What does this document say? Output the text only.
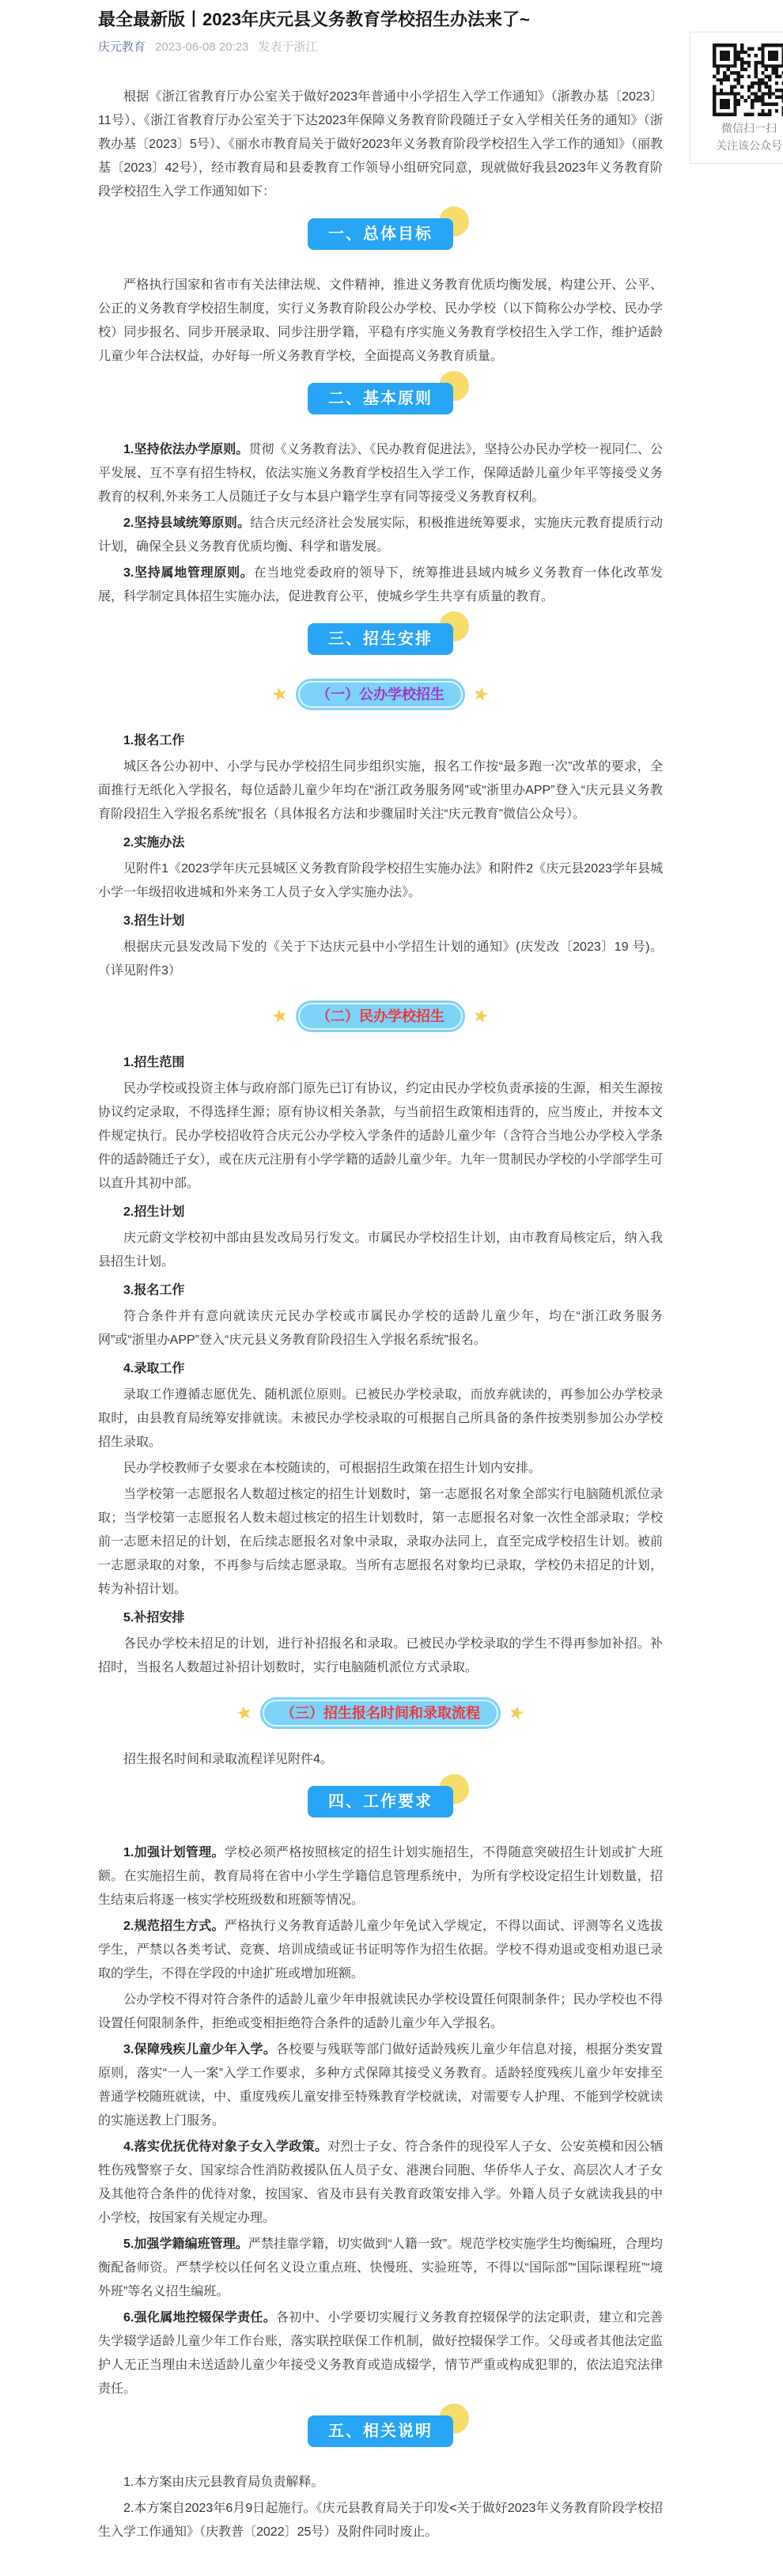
最全最新版丨2023年庆元县义务教育学校招生办法来了~
庆元教育 2023-06-08 20:23 发表于浙江
微信扫一扫
关注该公众号

根据《浙江省教育厅办公室关于做好2023年普通中小学招生入学工作通知》（浙教办基〔2023〕11号）、《浙江省教育厅办公室关于下达2023年保障义务教育阶段随迁子女入学相关任务的通知》（浙教办基〔2023〕5号）、《丽水市教育局关于做好2023年义务教育阶段学校招生入学工作的通知》（丽教基〔2023〕42号），经市教育局和县委教育工作领导小组研究同意，现就做好我县2023年义务教育阶段学校招生入学工作通知如下：

一、总体目标

严格执行国家和省市有关法律法规、文件精神，推进义务教育优质均衡发展，构建公开、公平、公正的义务教育学校招生制度，实行义务教育阶段公办学校、民办学校（以下简称公办学校、民办学校）同步报名、同步开展录取、同步注册学籍，平稳有序实施义务教育学校招生入学工作，维护适龄儿童少年合法权益，办好每一所义务教育学校，全面提高义务教育质量。

二、基本原则

1.坚持依法办学原则。贯彻《义务教育法》、《民办教育促进法》，坚持公办民办学校一视同仁、公平发展、互不享有招生特权，依法实施义务教育学校招生入学工作，保障适龄儿童少年平等接受义务教育的权利,外来务工人员随迁子女与本县户籍学生享有同等接受义务教育权利。

2.坚持县域统筹原则。结合庆元经济社会发展实际，积极推进统筹要求，实施庆元教育提质行动计划，确保全县义务教育优质均衡、科学和谐发展。

3.坚持属地管理原则。在当地党委政府的领导下，统筹推进县域内城乡义务教育一体化改革发展，科学制定具体招生实施办法，促进教育公平，使城乡学生共享有质量的教育。

三、招生安排
★	（一）公办学校招生	★

1.报名工作

城区各公办初中、小学与民办学校招生同步组织实施，报名工作按“最多跑一次”改革的要求，全面推行无纸化入学报名，每位适龄儿童少年均在“浙江政务服务网”或“浙里办APP”登入“庆元县义务教育阶段招生入学报名系统”报名（具体报名方法和步骤届时关注“庆元教育”微信公众号）。

2.实施办法

见附件1《2023学年庆元县城区义务教育阶段学校招生实施办法》和附件2《庆元县2023学年县城小学一年级招收进城和外来务工人员子女入学实施办法》。

3.招生计划

根据庆元县发改局下发的《关于下达庆元县中小学招生计划的通知》(庆发改〔2023〕19 号)。（详见附件3）

★	（二）民办学校招生	★

1.招生范围

民办学校或投资主体与政府部门原先已订有协议，约定由民办学校负责承接的生源，相关生源按协议约定录取，不得选择生源；原有协议相关条款，与当前招生政策相违背的，应当废止，并按本文件规定执行。民办学校招收符合庆元公办学校入学条件的适龄儿童少年（含符合当地公办学校入学条件的适龄随迁子女），或在庆元注册有小学学籍的适龄儿童少年。九年一贯制民办学校的小学部学生可以直升其初中部。

2.招生计划

庆元蔚文学校初中部由县发改局另行发文。市属民办学校招生计划，由市教育局核定后，纳入我县招生计划。

3.报名工作

符合条件并有意向就读庆元民办学校或市属民办学校的适龄儿童少年，均在“浙江政务服务网”或“浙里办APP”登入“庆元县义务教育阶段招生入学报名系统”报名。

4.录取工作

录取工作遵循志愿优先、随机派位原则。已被民办学校录取，而放弃就读的，再参加公办学校录取时，由县教育局统筹安排就读。未被民办学校录取的可根据自己所具备的条件按类别参加公办学校招生录取。

民办学校教师子女要求在本校随读的，可根据招生政策在招生计划内安排。

当学校第一志愿报名人数超过核定的招生计划数时，第一志愿报名对象全部实行电脑随机派位录取；当学校第一志愿报名人数未超过核定的招生计划数时，第一志愿报名对象一次性全部录取；学校前一志愿未招足的计划，在后续志愿报名对象中录取，录取办法同上，直至完成学校招生计划。被前一志愿录取的对象，不再参与后续志愿录取。当所有志愿报名对象均已录取，学校仍未招足的计划，转为补招计划。

5.补招安排

各民办学校未招足的计划，进行补招报名和录取。已被民办学校录取的学生不得再参加补招。补招时，当报名人数超过补招计划数时，实行电脑随机派位方式录取。

★	（三）招生报名时间和录取流程	★

招生报名时间和录取流程详见附件4。

四、工作要求

1.加强计划管理。学校必须严格按照核定的招生计划实施招生，不得随意突破招生计划或扩大班额。在实施招生前，教育局将在省中小学生学籍信息管理系统中，为所有学校设定招生计划数量，招生结束后将逐一核实学校班级数和班额等情况。

2.规范招生方式。严格执行义务教育适龄儿童少年免试入学规定，不得以面试、评测等名义选拔学生，严禁以各类考试、竞赛、培训成绩或证书证明等作为招生依据。学校不得劝退或变相劝退已录取的学生，不得在学段的中途扩班或增加班额。

公办学校不得对符合条件的适龄儿童少年申报就读民办学校设置任何限制条件；民办学校也不得设置任何限制条件，拒绝或变相拒绝符合条件的适龄儿童少年入学报名。

3.保障残疾儿童少年入学。各校要与残联等部门做好适龄残疾儿童少年信息对接，根据分类安置原则，落实“一人一案”入学工作要求，多种方式保障其接受义务教育。适龄轻度残疾儿童少年安排至普通学校随班就读，中、重度残疾儿童安排至特殊教育学校就读，对需要专人护理、不能到学校就读的实施送教上门服务。

4.落实优抚优待对象子女入学政策。对烈士子女、符合条件的现役军人子女、公安英模和因公牺牲伤残警察子女、国家综合性消防救援队伍人员子女、港澳台同胞、华侨华人子女、高层次人才子女及其他符合条件的优待对象，按国家、省及市县有关教育政策安排入学。外籍人员子女就读我县的中小学校，按国家有关规定办理。

5.加强学籍编班管理。严禁挂靠学籍，切实做到“人籍一致”。规范学校实施学生均衡编班，合理均衡配备师资。严禁学校以任何名义设立重点班、快慢班、实验班等，不得以“国际部”“国际课程班”“境外班”等名义招生编班。

6.强化属地控辍保学责任。各初中、小学要切实履行义务教育控辍保学的法定职责，建立和完善失学辍学适龄儿童少年工作台账，落实联控联保工作机制，做好控辍保学工作。父母或者其他法定监护人无正当理由未送适龄儿童少年接受义务教育或造成辍学，情节严重或构成犯罪的，依法追究法律责任。

五、相关说明

1.本方案由庆元县教育局负责解释。

2.本方案自2023年6月9日起施行。《庆元县教育局关于印发<关于做好2023年义务教育阶段学校招生入学工作通知》（庆教普〔2022〕25号）及附件同时废止。
